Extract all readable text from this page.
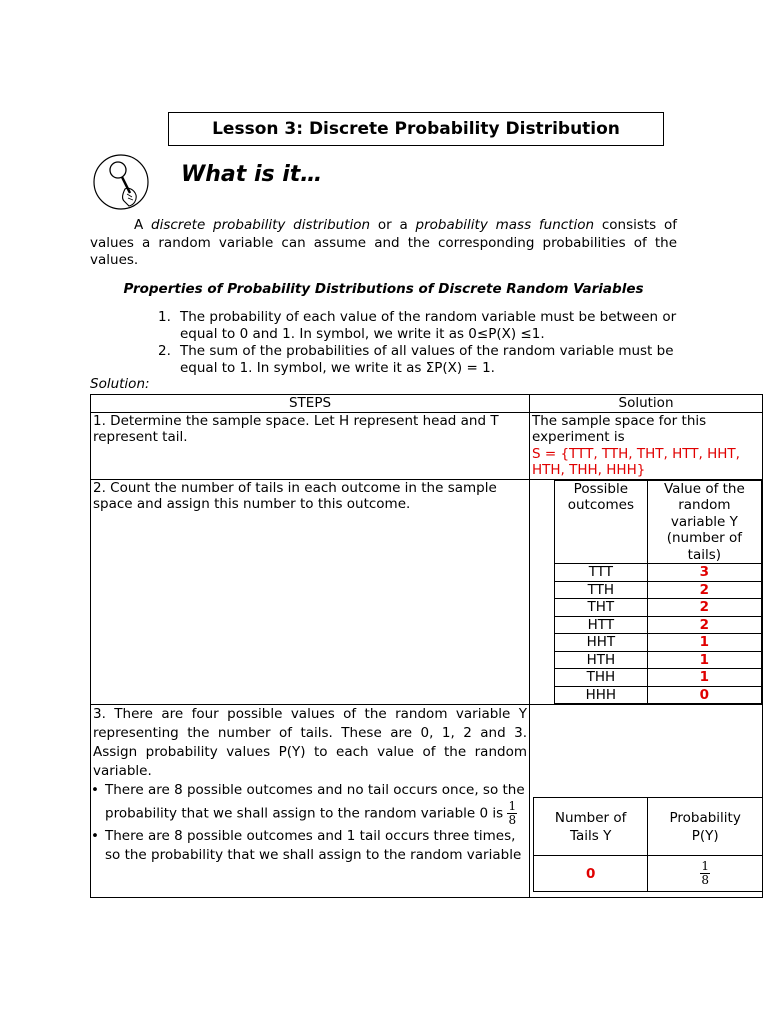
Lesson 3: Discrete Probability Distribution
What is it…
A discrete probability distribution or a probability mass function consists of values a random variable can assume and the corresponding probabilities of the values.
Properties of Probability Distributions of Discrete Random Variables
1. The probability of each value of the random variable must be between or equal to 0 and 1. In symbol, we write it as 0≤P(X) ≤1.
2. The sum of the probabilities of all values of the random variable must be equal to 1. In symbol, we write it as ΣP(X) = 1.
Solution:
STEPS	Solution
1. Determine the sample space. Let H represent head and T represent tail.	
The sample space for this experiment is
S = {TTT, TTH, THT, HTT, HHT, HTH, THH, HHH}

2. Count the number of tails in each outcome in the sample space and assign this number to this outcome.	
Possible outcomes	Value of the random variable Y (number of tails)
TTT	3
TTH	2
THT	2
HTT	2
HHT	1
HTH	1
THH	1
HHH	0

3. There are four possible values of the random variable Y representing the number of tails. These are 0, 1, 2 and 3. Assign probability values P(Y) to each value of the random variable.
• There are 8 possible outcomes and no tail occurs once, so the probability that we shall assign to the random variable 0 is $\frac{1}{8}$
• There are 8 possible outcomes and 1 tail occurs three times, so the probability that we shall assign to the random variable

Number of Tails Y	Probability P(Y)
0	$\frac{1}{8}$
